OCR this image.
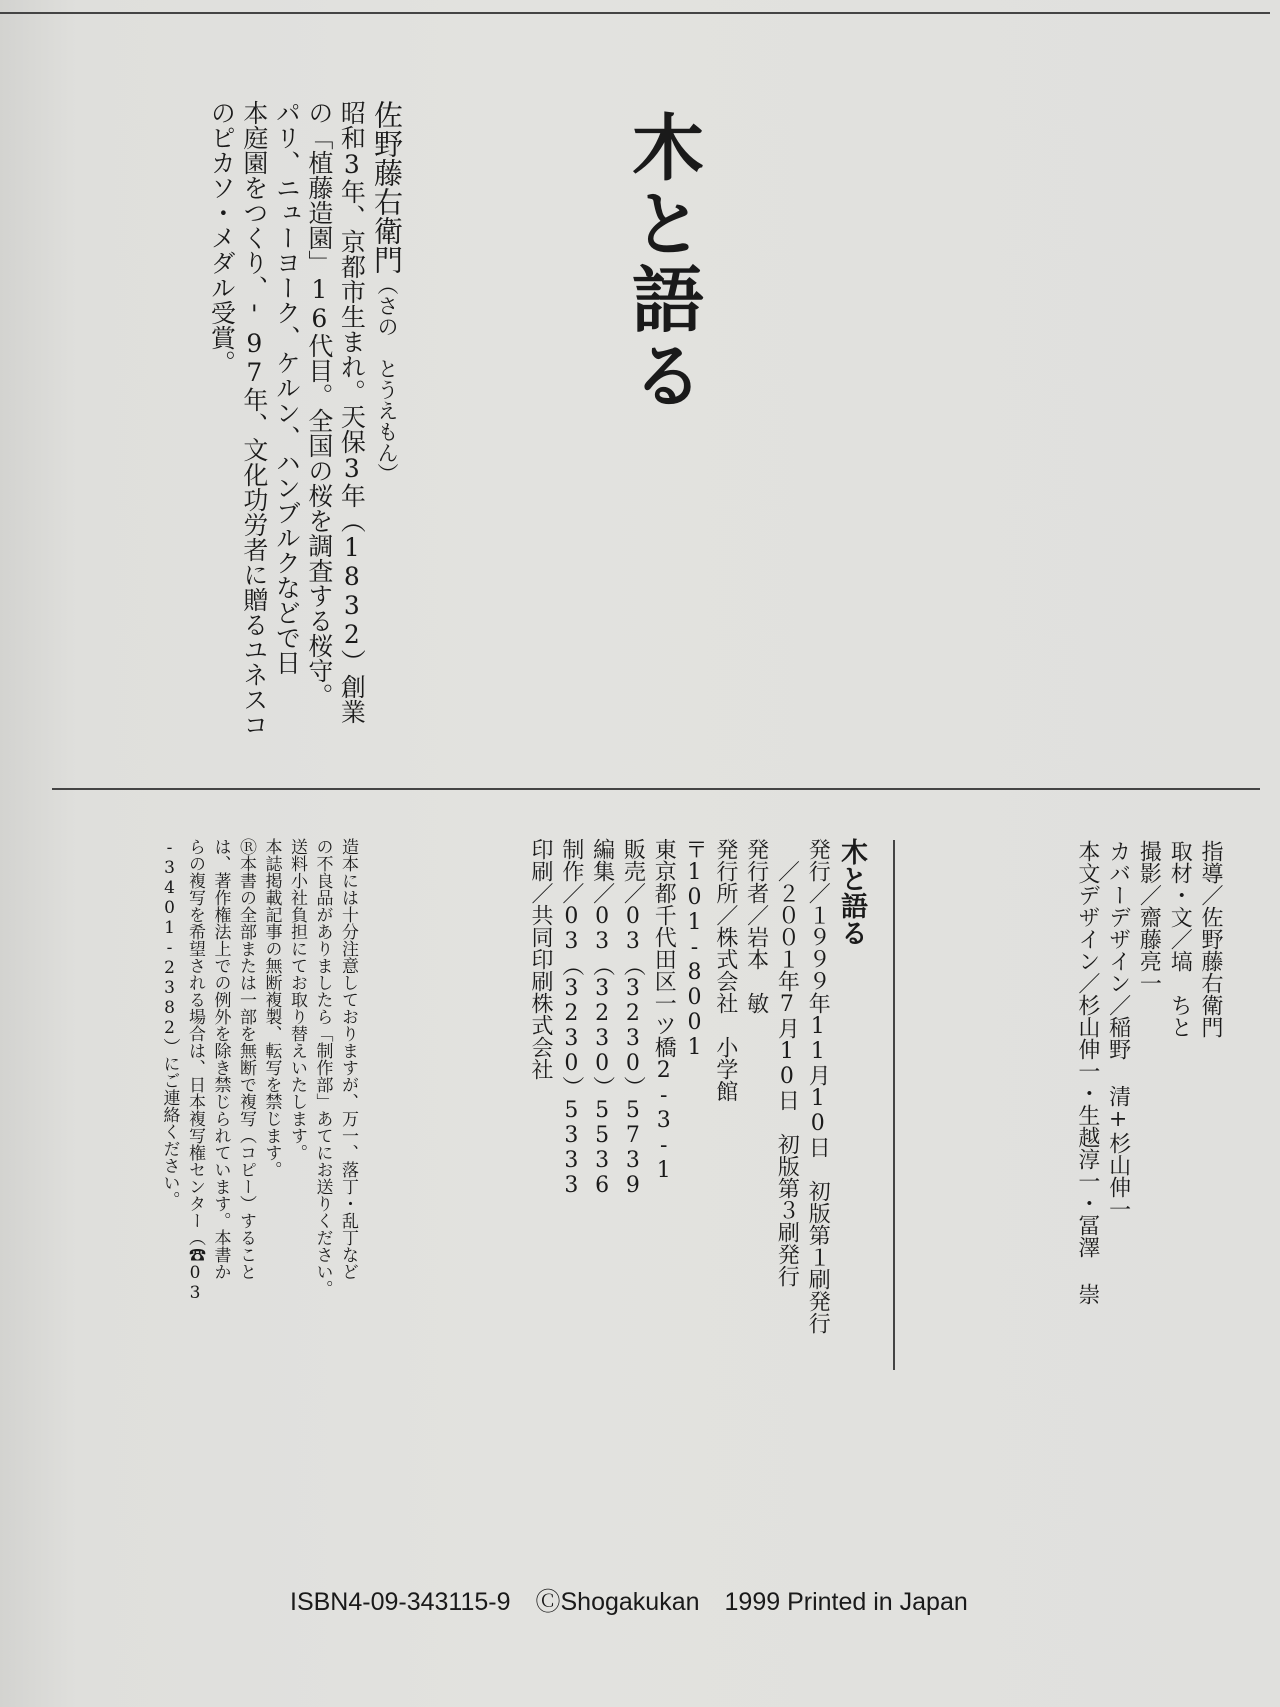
木と語る
佐野藤右衛門（さの　とうえもん）
昭和3年、京都市生まれ。天保3年（1832）創業
の「植藤造園」16代目。全国の桜を調査する桜守。
パリ、ニューヨーク、ケルン、ハンブルクなどで日
本庭園をつくり、'97年、文化功労者に贈るユネスコ
のピカソ・メダル受賞。
指導／佐野藤右衛門
取材・文／塙　ちと
撮影／齋藤亮一
カバーデザイン／稲野 清+杉山伸一
本文デザイン／杉山伸一・生越淳一・冨澤 崇
木と語る
発行／１９９９年11月10日　初版第１刷発行
　／２００１年7月10日　初版第３刷発行
発行者／岩本　敏
発行所／株式会社　小学館
〒101-8001
東京都千代田区一ツ橋2-3-1
販売／03（3230）5739
編集／03（3230）5536
制作／03（3230）5333
印刷／共同印刷株式会社
造本には十分注意しておりますが、万一、落丁・乱丁など
の不良品がありましたら「制作部」あてにお送りください。
送料小社負担にてお取り替えいたします。
本誌掲載記事の無断複製、転写を禁じます。
Ⓡ本書の全部または一部を無断で複写（コピー）すること
は、著作権法上での例外を除き禁じられています。本書か
らの複写を希望される場合は、日本複写権センター（☎03
-3401-2382）にご連絡ください。
ISBN4-09-343115-9　ⒸShogakukan　1999 Printed in Japan
